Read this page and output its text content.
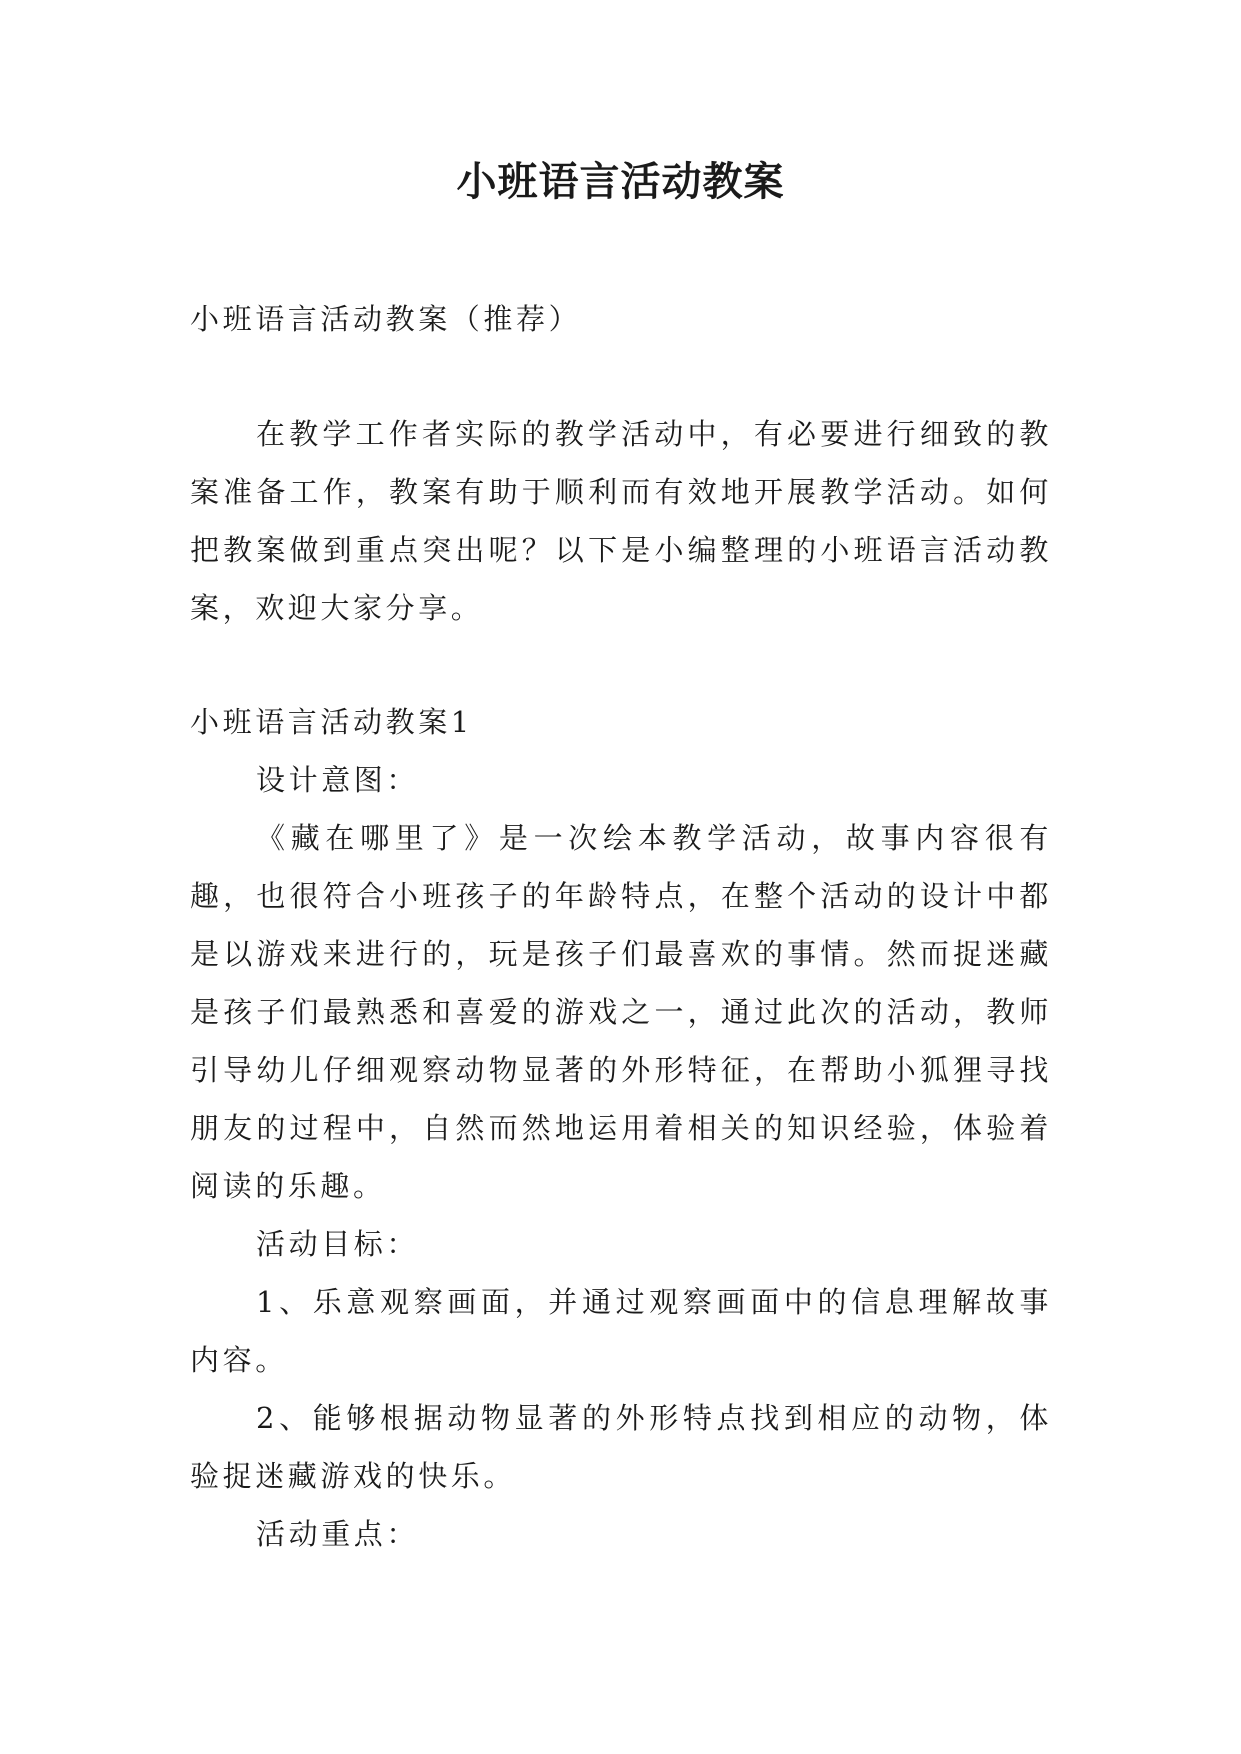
小班语言活动教案

小班语言活动教案（推荐）

在教学工作者实际的教学活动中，有必要进行细致的教案准备工作，教案有助于顺利而有效地开展教学活动。如何把教案做到重点突出呢？以下是小编整理的小班语言活动教案，欢迎大家分享。

小班语言活动教案1

设计意图：

《藏在哪里了》是一次绘本教学活动，故事内容很有趣，也很符合小班孩子的年龄特点，在整个活动的设计中都是以游戏来进行的，玩是孩子们最喜欢的事情。然而捉迷藏是孩子们最熟悉和喜爱的游戏之一，通过此次的活动，教师引导幼儿仔细观察动物显著的外形特征，在帮助小狐狸寻找朋友的过程中，自然而然地运用着相关的知识经验，体验着阅读的乐趣。

活动目标：

1、乐意观察画面，并通过观察画面中的信息理解故事内容。

2、能够根据动物显著的外形特点找到相应的动物，体验捉迷藏游戏的快乐。

活动重点：
